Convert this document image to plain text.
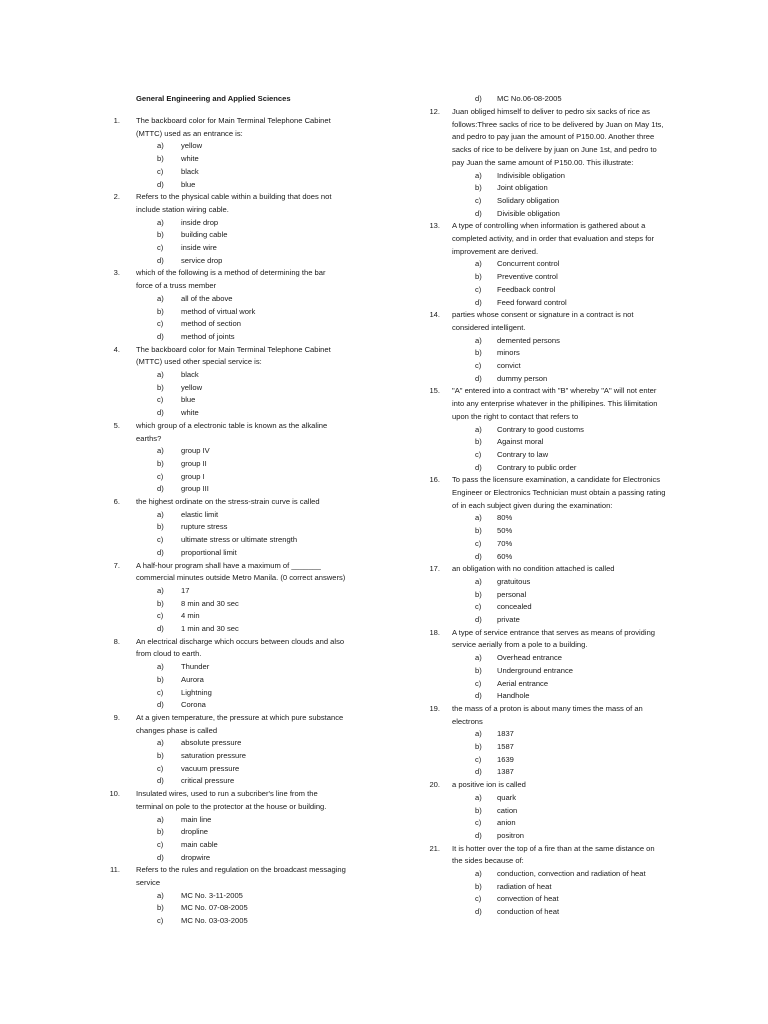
General Engineering and Applied Sciences
1. The backboard color for Main Terminal Telephone Cabinet
(MTTC) used as an entrance is:
a)	yellow
b)	white
c)	black
d)	blue
2. Refers to the physical cable within a building that does not
include station wiring cable.
a)	inside drop
b)	building cable
c)	inside wire
d)	service drop
3. which of the following is a method of determining the bar
force of a truss member
a)	all of the above
b)	method of virtual work
c)	method of section
d)	method of joints
4. The backboard color for Main Terminal Telephone Cabinet
(MTTC) used other special service is:
a)	black
b)	yellow
c)	blue
d)	white
5. which group of a electronic table is known as the alkaline
earths?
a)	group IV
b)	group II
c)	group I
d)	group III
6. the highest ordinate on the stress-strain curve is called
a)	elastic limit
b)	rupture stress
c)	ultimate stress or ultimate strength
d)	proportional limit
7. A half-hour program shall have a maximum of _______
commercial minutes outside Metro Manila. (0 correct answers)
a)	17
b)	8 min and 30 sec
c)	4 min
d)	1 min and 30 sec
8. An electrical discharge which occurs between clouds and also
from cloud to earth.
a)	Thunder
b)	Aurora
c)	Lightning
d)	Corona
9. At a given temperature, the pressure at which pure substance
changes phase is called
a)	absolute pressure
b)	saturation pressure
c)	vacuum pressure
d)	critical pressure
10. Insulated wires, used to run a subcriber's line from the
terminal on pole to the protector at the house or building.
a)	main line
b)	dropline
c)	main cable
d)	dropwire
11. Refers to the rules and regulation on the broadcast messaging
service
a)	MC No. 3-11-2005
b)	MC No. 07-08-2005
c)	MC No. 03-03-2005
d)	MC No.06-08-2005
12. Juan obliged himself to deliver to pedro six sacks of rice as
follows:Three sacks of rice to be delivered by Juan on May 1ts,
and pedro to pay juan the amount of P150.00. Another three
sacks of rice to be delivere by juan on June 1st, and pedro to
pay Juan the same amount of P150.00. This illustrate:
a)	Indivisible obligation
b)	Joint obligation
c)	Solidary obligation
d)	Divisible obligation
13. A type of controlling when information is gathered about a
completed activity, and in order that evaluation and steps for
improvement are derived.
a)	Concurrent control
b)	Preventive control
c)	Feedback control
d)	Feed forward control
14. parties whose consent or signature in a contract is not
considered intelligent.
a)	demented persons
b)	minors
c)	convict
d)	dummy person
15. "A" entered into a contract with "B" whereby "A" will not enter
into any enterprise whatever in the phillipines. This lilimitation
upon the right to contact that refers to
a)	Contrary to good customs
b)	Against moral
c)	Contrary to law
d)	Contrary to public order
16. To pass the licensure examination, a candidate for Electronics
Engineer or Electronics Technician must obtain a passing rating
of in each subject given during the examination:
a)	80%
b)	50%
c)	70%
d)	60%
17. an obligation with no condition attached is called
a)	gratuitous
b)	personal
c)	concealed
d)	private
18. A type of service entrance that serves as means of providing
service aerially from a pole to a building.
a)	Overhead entrance
b)	Underground entrance
c)	Aerial entrance
d)	Handhole
19. the mass of a proton is about many times the mass of an
electrons
a)	1837
b)	1587
c)	1639
d)	1387
20. a positive ion is called
a)	quark
b)	cation
c)	anion
d)	positron
21. It is hotter over the top of a fire than at the same distance on
the sides because of:
a)	conduction, convection and radiation of heat
b)	radiation of heat
c)	convection of heat
d)	conduction of heat
